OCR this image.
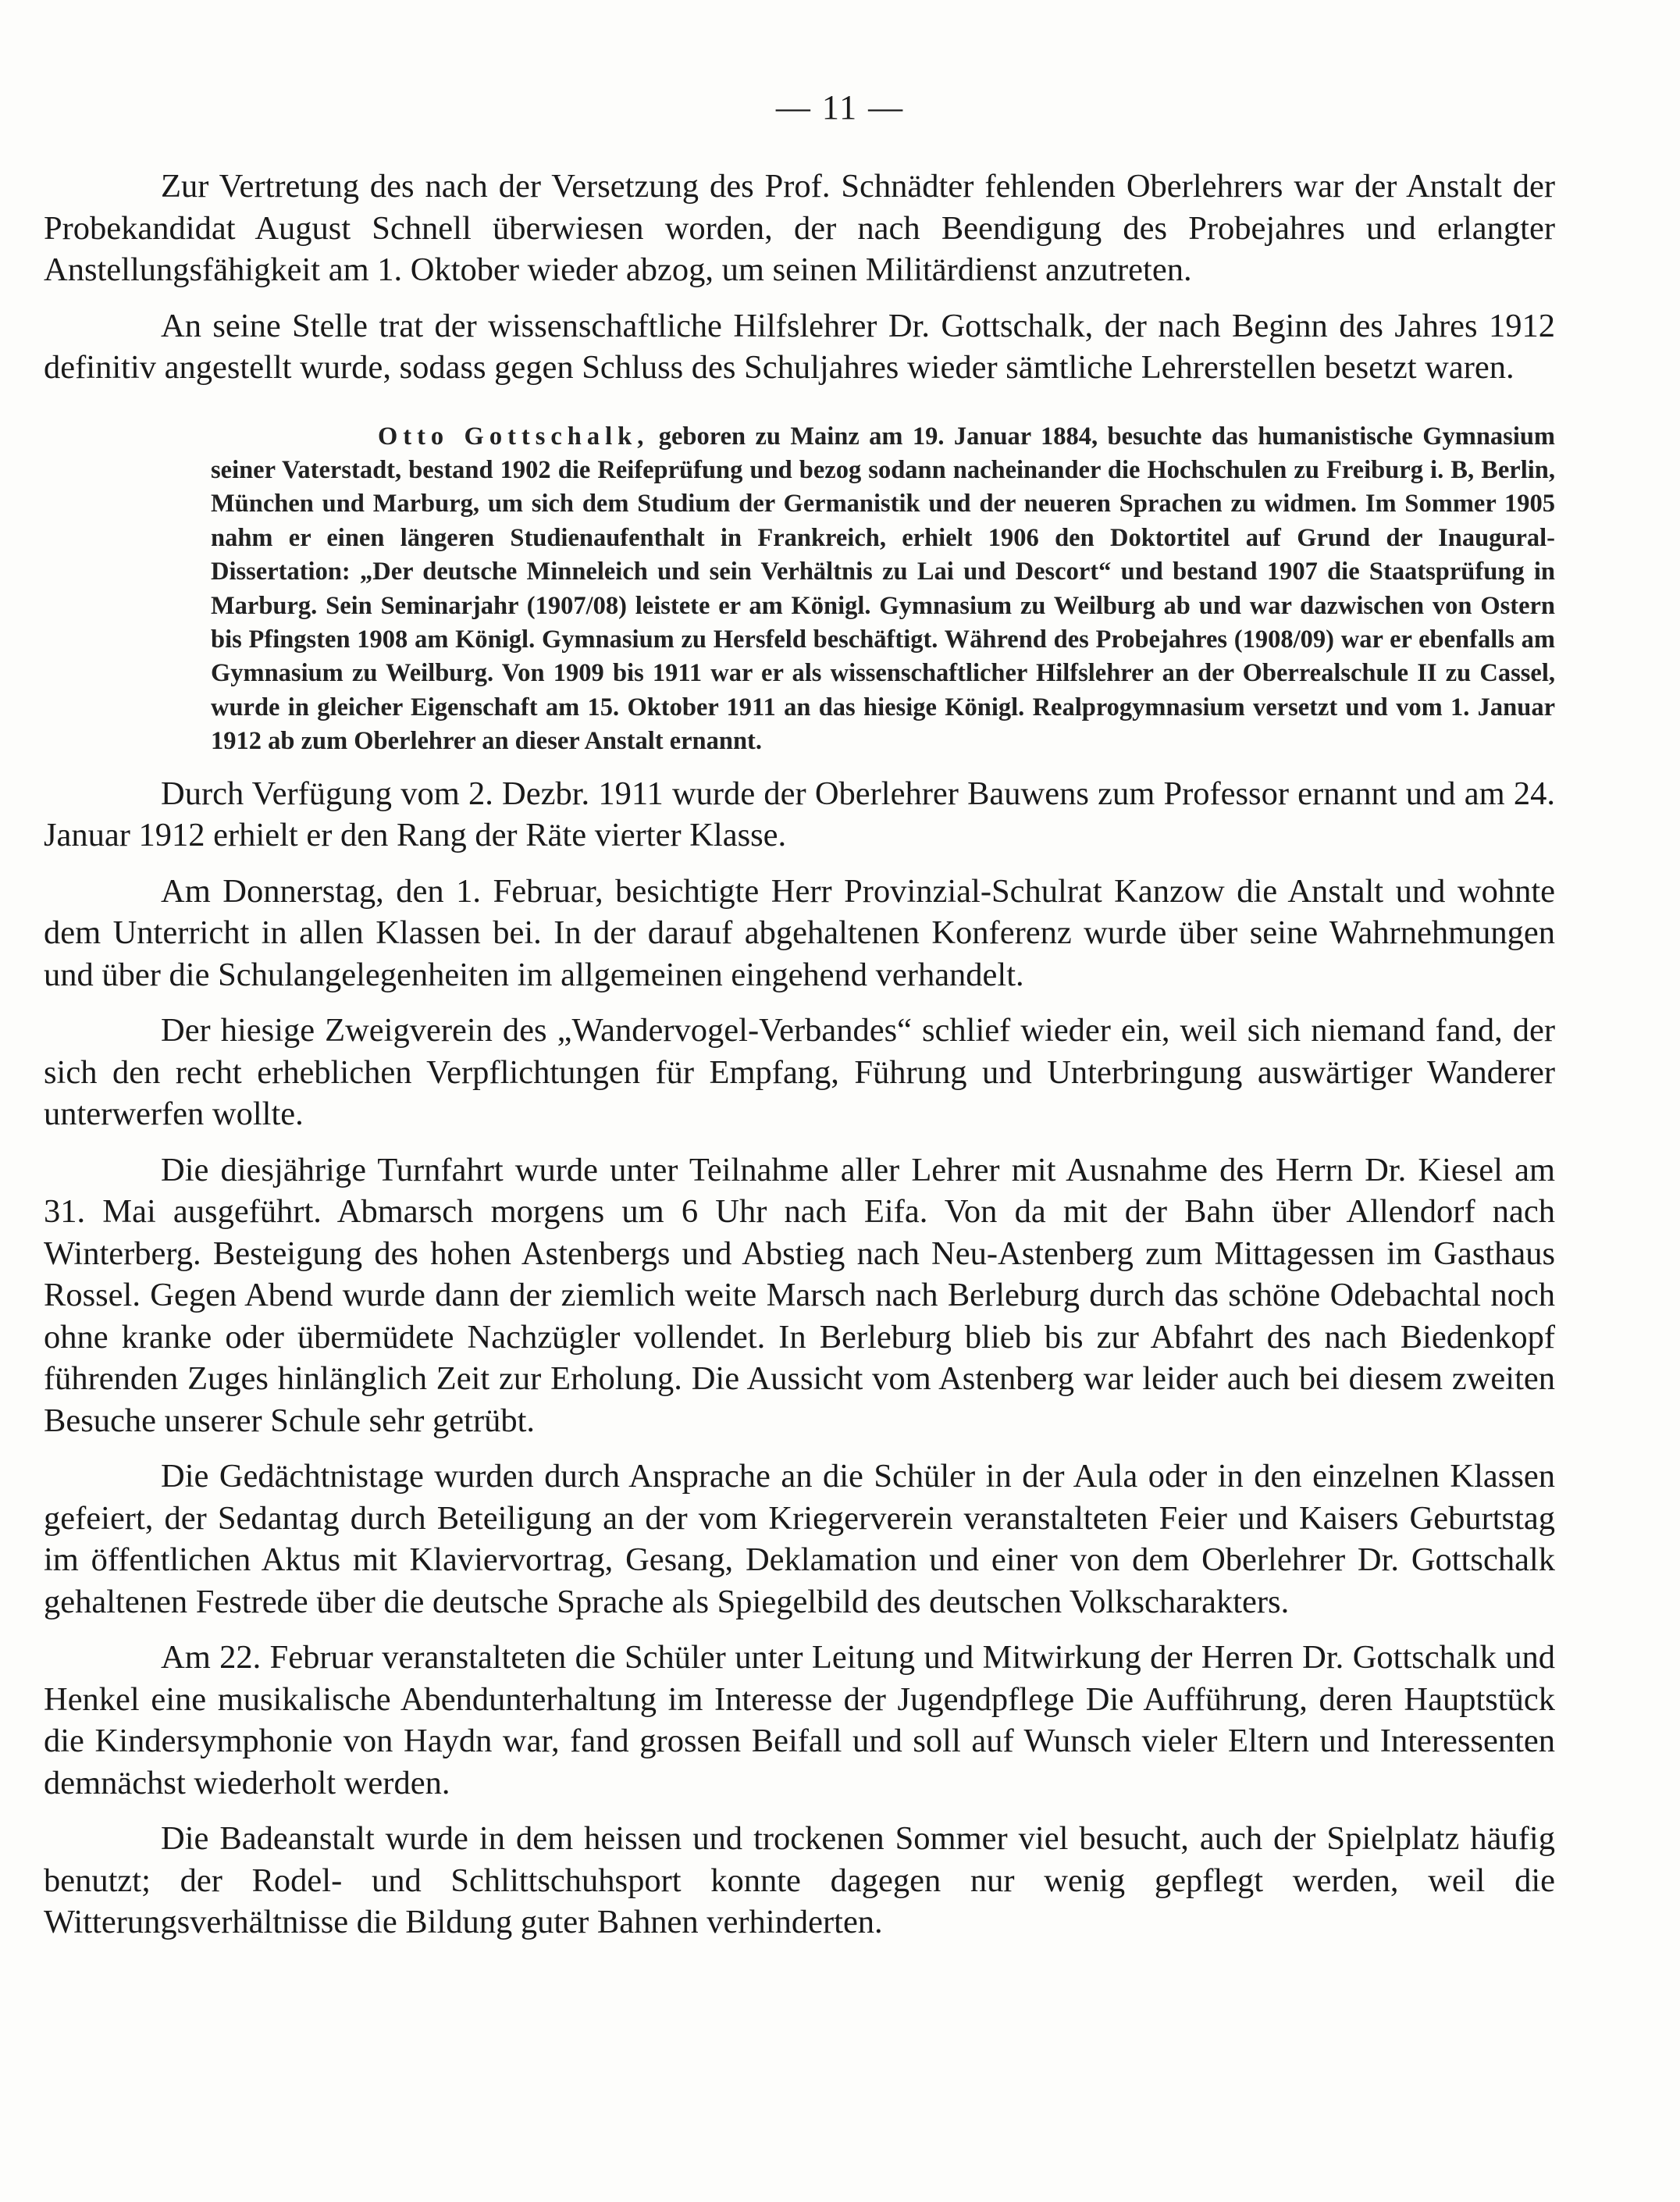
— 11 —

Zur Vertretung des nach der Versetzung des Prof. Schnädter fehlenden Oberlehrers war der Anstalt der Probekandidat August Schnell überwiesen worden, der nach Beendigung des Probejahres und erlangter Anstellungsfähigkeit am 1. Oktober wieder abzog, um seinen Militärdienst anzutreten.

An seine Stelle trat der wissenschaftliche Hilfslehrer Dr. Gottschalk, der nach Beginn des Jahres 1912 definitiv angestellt wurde, sodass gegen Schluss des Schuljahres wieder sämtliche Lehrerstellen besetzt waren.

Otto Gottschalk, geboren zu Mainz am 19. Januar 1884, besuchte das humanistische Gymnasium seiner Vaterstadt, bestand 1902 die Reifeprüfung und bezog sodann nacheinander die Hochschulen zu Freiburg i. B, Berlin, München und Marburg, um sich dem Studium der Germanistik und der neueren Sprachen zu widmen. Im Sommer 1905 nahm er einen längeren Studienaufenthalt in Frankreich, erhielt 1906 den Doktortitel auf Grund der Inaugural-Dissertation: „Der deutsche Minneleich und sein Verhältnis zu Lai und Descort“ und bestand 1907 die Staatsprüfung in Marburg. Sein Seminarjahr (1907/08) leistete er am Königl. Gymnasium zu Weilburg ab und war dazwischen von Ostern bis Pfingsten 1908 am Königl. Gymnasium zu Hersfeld beschäftigt. Während des Probejahres (1908/09) war er ebenfalls am Gymnasium zu Weilburg. Von 1909 bis 1911 war er als wissenschaftlicher Hilfslehrer an der Oberrealschule II zu Cassel, wurde in gleicher Eigenschaft am 15. Oktober 1911 an das hiesige Königl. Realprogymnasium versetzt und vom 1. Januar 1912 ab zum Oberlehrer an dieser Anstalt ernannt.

Durch Verfügung vom 2. Dezbr. 1911 wurde der Oberlehrer Bauwens zum Professor ernannt und am 24. Januar 1912 erhielt er den Rang der Räte vierter Klasse.

Am Donnerstag, den 1. Februar, besichtigte Herr Provinzial-Schulrat Kanzow die Anstalt und wohnte dem Unterricht in allen Klassen bei. In der darauf abgehaltenen Konferenz wurde über seine Wahrnehmungen und über die Schulangelegenheiten im allgemeinen eingehend verhandelt.

Der hiesige Zweigverein des „Wandervogel-Verbandes“ schlief wieder ein, weil sich niemand fand, der sich den recht erheblichen Verpflichtungen für Empfang, Führung und Unterbringung auswärtiger Wanderer unterwerfen wollte.

Die diesjährige Turnfahrt wurde unter Teilnahme aller Lehrer mit Ausnahme des Herrn Dr. Kiesel am 31. Mai ausgeführt. Abmarsch morgens um 6 Uhr nach Eifa. Von da mit der Bahn über Allendorf nach Winterberg. Besteigung des hohen Astenbergs und Abstieg nach Neu-Astenberg zum Mittagessen im Gasthaus Rossel. Gegen Abend wurde dann der ziemlich weite Marsch nach Berleburg durch das schöne Odebachtal noch ohne kranke oder übermüdete Nachzügler vollendet. In Berleburg blieb bis zur Abfahrt des nach Biedenkopf führenden Zuges hinlänglich Zeit zur Erholung. Die Aussicht vom Astenberg war leider auch bei diesem zweiten Besuche unserer Schule sehr getrübt.

Die Gedächtnistage wurden durch Ansprache an die Schüler in der Aula oder in den einzelnen Klassen gefeiert, der Sedantag durch Beteiligung an der vom Kriegerverein veranstalteten Feier und Kaisers Geburtstag im öffentlichen Aktus mit Klaviervortrag, Gesang, Deklamation und einer von dem Oberlehrer Dr. Gottschalk gehaltenen Festrede über die deutsche Sprache als Spiegelbild des deutschen Volkscharakters.

Am 22. Februar veranstalteten die Schüler unter Leitung und Mitwirkung der Herren Dr. Gottschalk und Henkel eine musikalische Abendunterhaltung im Interesse der Jugendpflege Die Aufführung, deren Hauptstück die Kindersymphonie von Haydn war, fand grossen Beifall und soll auf Wunsch vieler Eltern und Interessenten demnächst wiederholt werden.

Die Badeanstalt wurde in dem heissen und trockenen Sommer viel besucht, auch der Spielplatz häufig benutzt; der Rodel- und Schlittschuhsport konnte dagegen nur wenig gepflegt werden, weil die Witterungsverhältnisse die Bildung guter Bahnen verhinderten.
